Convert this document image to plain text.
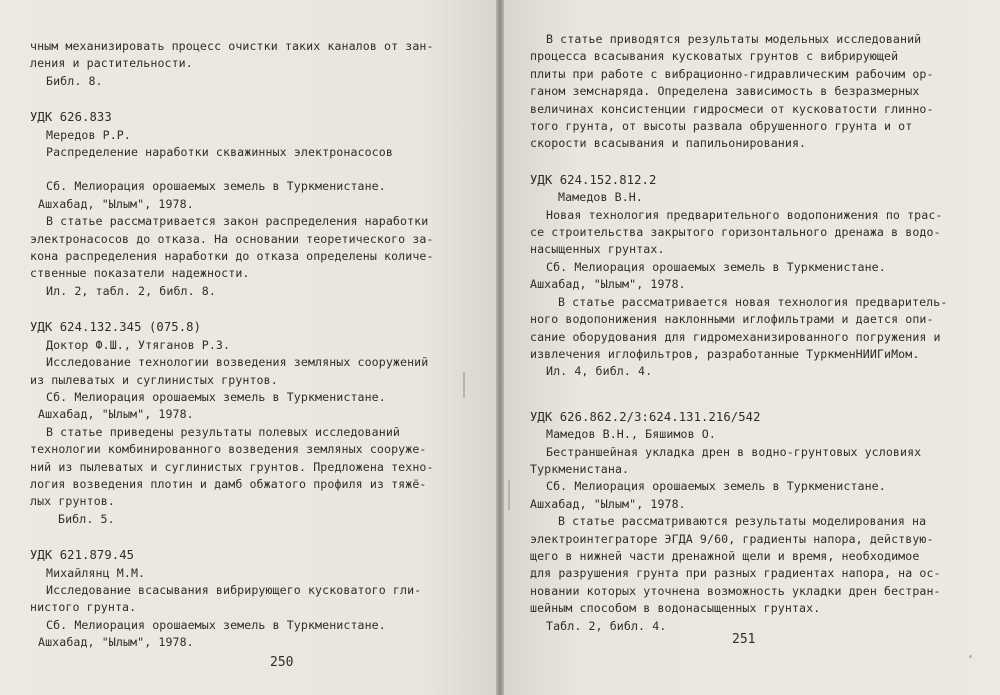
чным механизировать процесс очистки таких каналов от зан-
ления и растительности.
Библ. 8.
УДК 626.833
Мередов Р.Р.
Распределение наработки скважинных электронасосов
Сб. Мелиорация орошаемых земель в Туркменистане.
Ашхабад, "Ылым", 1978.
В статье рассматривается закон распределения наработки
электронасосов до отказа. На основании теоретического за-
кона распределения наработки до отказа определены количе-
ственные показатели надежности.
Ил. 2, табл. 2, библ. 8.
УДК 624.132.345 (075.8)
Доктор Ф.Ш., Утяганов Р.З.
Исследование технологии возведения земляных сооружений
из пылеватых и суглинистых грунтов.
Сб. Мелиорация орошаемых земель в Туркменистане.
Ашхабад, "Ылым", 1978.
В статье приведены результаты полевых исследований
технологии комбинированного возведения земляных сооруже-
ний из пылеватых и суглинистых грунтов. Предложена техно-
логия возведения плотин и дамб обжатого профиля из тяжё-
лых грунтов.
Библ. 5.
УДК 621.879.45
Михайлянц М.М.
Исследование всасывания вибрирующего кусковатого гли-
нистого грунта.
Сб. Мелиорация орошаемых земель в Туркменистане.
Ашхабад, "Ылым", 1978.
250
В статье приводятся результаты модельных исследований
процесса всасывания кусковатых грунтов с вибрирующей
плиты при работе с вибрационно-гидравлическим рабочим ор-
ганом земснаряда. Определена зависимость в безразмерных
величинах консистенции гидросмеси от кусковатости глинно-
того грунта, от высоты развала обрушенного грунта и от
скорости всасывания и папильонирования.
УДК 624.152.812.2
Мамедов В.Н.
Новая технология предварительного водопонижения по трас-
се строительства закрытого горизонтального дренажа в водо-
насыщенных грунтах.
Сб. Мелиорация орошаемых земель в Туркменистане.
Ашхабад, "Ылым", 1978.
В статье рассматривается новая технология предваритель-
ного водопонижения наклонными иглофильтрами и дается опи-
сание оборудования для гидромеханизированного погружения и
извлечения иглофильтров, разработанные ТуркменНИИГиМом.
Ил. 4, библ. 4.
УДК 626.862.2/3:624.131.216/542
Мамедов В.Н., Бяшимов О.
Бестраншейная укладка дрен в водно-грунтовых условиях
Туркменистана.
Сб. Мелиорация орошаемых земель в Туркменистане.
Ашхабад, "Ылым", 1978.
В статье рассматриваются результаты моделирования на
электроинтеграторе ЭГДА 9/60, градиенты напора, действую-
щего в нижней части дренажной щели и время, необходимое
для разрушения грунта при разных градиентах напора, на ос-
новании которых уточнена возможность укладки дрен бестран-
шейным способом в водонасыщенных грунтах.
Табл. 2, библ. 4.
251
